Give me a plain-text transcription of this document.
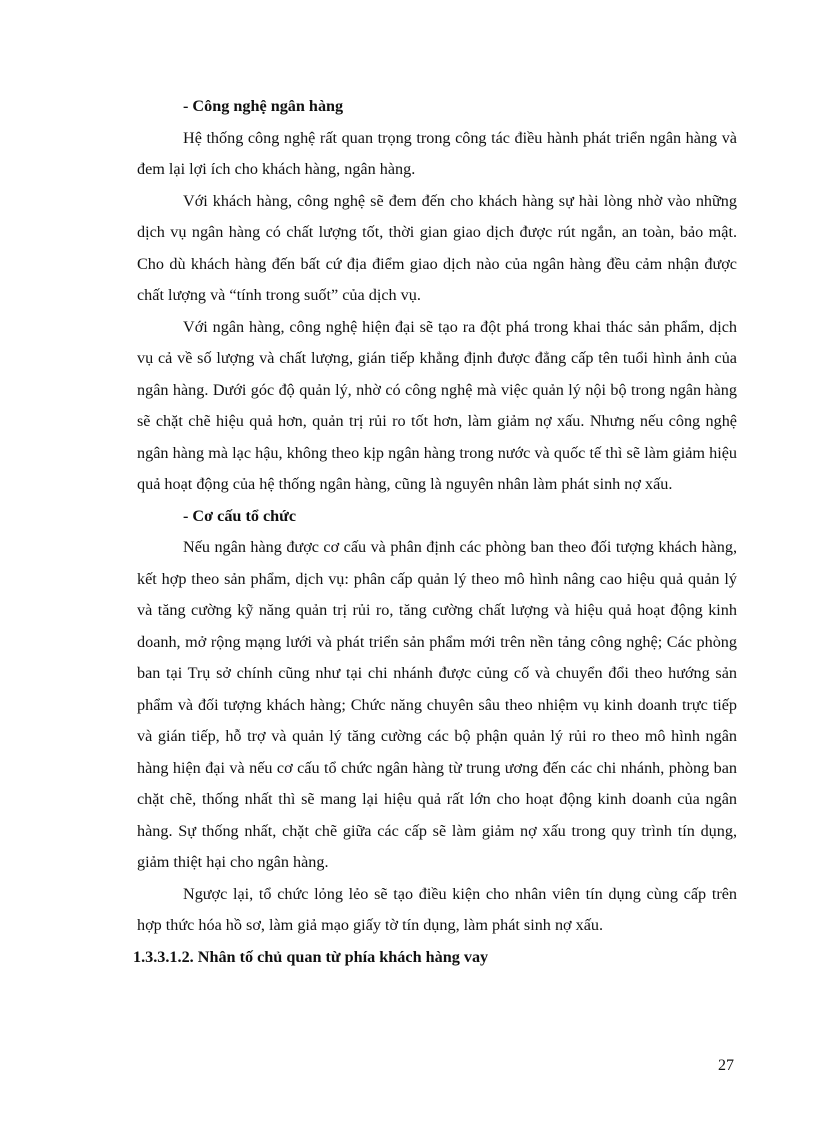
- Công nghệ ngân hàng

Hệ thống công nghệ rất quan trọng trong công tác điều hành phát triển ngân hàng và đem lại lợi ích cho khách hàng, ngân hàng.

Với khách hàng, công nghệ sẽ đem đến cho khách hàng sự hài lòng nhờ vào những dịch vụ ngân hàng có chất lượng tốt, thời gian giao dịch được rút ngắn, an toàn, bảo mật. Cho dù khách hàng đến bất cứ địa điểm giao dịch nào của ngân hàng đều cảm nhận được chất lượng và “tính trong suốt” của dịch vụ.

Với ngân hàng, công nghệ hiện đại sẽ tạo ra đột phá trong khai thác sản phẩm, dịch vụ cả về số lượng và chất lượng, gián tiếp khẳng định được đẳng cấp tên tuổi hình ảnh của ngân hàng. Dưới góc độ quản lý, nhờ có công nghệ mà việc quản lý nội bộ trong ngân hàng sẽ chặt chẽ hiệu quả hơn, quản trị rủi ro tốt hơn, làm giảm nợ xấu. Nhưng nếu công nghệ ngân hàng mà lạc hậu, không theo kịp ngân hàng trong nước và quốc tế thì sẽ làm giảm hiệu quả hoạt động của hệ thống ngân hàng, cũng là nguyên nhân làm phát sinh nợ xấu.

- Cơ cấu tổ chức

Nếu ngân hàng được cơ cấu và phân định các phòng ban theo đối tượng khách hàng, kết hợp theo sản phẩm, dịch vụ: phân cấp quản lý theo mô hình nâng cao hiệu quả quản lý và tăng cường kỹ năng quản trị rủi ro, tăng cường chất lượng và hiệu quả hoạt động kinh doanh, mở rộng mạng lưới và phát triển sản phẩm mới trên nền tảng công nghệ; Các phòng ban tại Trụ sở chính cũng như tại chi nhánh được củng cố và chuyển đổi theo hướng sản phẩm và đối tượng khách hàng; Chức năng chuyên sâu theo nhiệm vụ kinh doanh trực tiếp và gián tiếp, hỗ trợ và quản lý tăng cường các bộ phận quản lý rủi ro theo mô hình ngân hàng hiện đại và nếu cơ cấu tổ chức ngân hàng từ trung ương đến các chi nhánh, phòng ban chặt chẽ, thống nhất thì sẽ mang lại hiệu quả rất lớn cho hoạt động kinh doanh của ngân hàng. Sự thống nhất, chặt chẽ giữa các cấp sẽ làm giảm nợ xấu trong quy trình tín dụng, giảm thiệt hại cho ngân hàng.

Ngược lại, tổ chức lỏng lẻo sẽ tạo điều kiện cho nhân viên tín dụng cùng cấp trên hợp thức hóa hồ sơ, làm giả mạo giấy tờ tín dụng, làm phát sinh nợ xấu.

1.3.3.1.2. Nhân tố chủ quan từ phía khách hàng vay

27
